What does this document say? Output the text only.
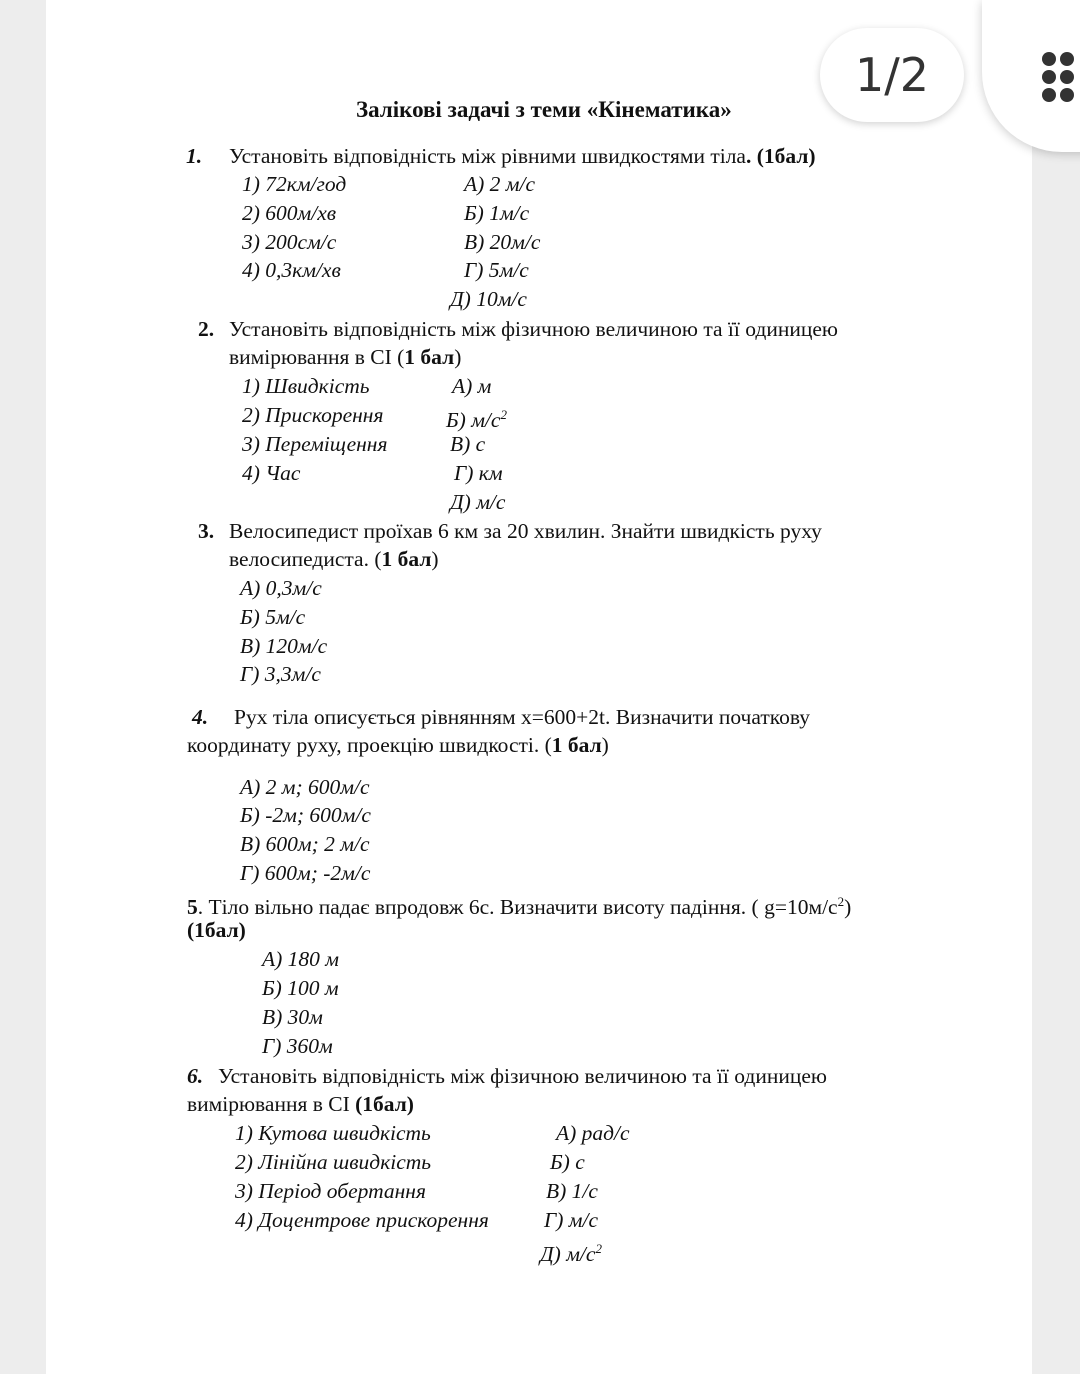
Залікові задачі з теми «Кінематика»
1. Установіть відповідність між рівними швидкостями тіла. (1бал)
1) 72км/год
2) 600м/хв
3) 200см/с
4) 0,3км/хв
А) 2 м/с
Б) 1м/с
В) 20м/с
Г) 5м/с
Д) 10м/с
2. Установіть відповідність між фізичною величиною та її одиницею
вимірювання в СІ (1 бал)
1) Швидкість
2) Прискорення
3) Переміщення
4) Час
А) м
Б) $м/с^2$
В) с
Г) км
Д) м/с
3. Велосипедист проїхав 6 км за 20 хвилин. Знайти швидкість руху
велосипедиста. (1 бал)
А) 0,3м/с
Б) 5м/с
В) 120м/с
Г) 3,3м/с
4. Рух тіла описується рівнянням x=600+2t. Визначити початкову
координату руху, проекцію швидкості. (1 бал)
А) 2 м; 600м/с
Б) -2м; 600м/с
В) 600м; 2 м/с
Г) 600м; -2м/с
5. Тіло вільно падає впродовж 6с. Визначити висоту падіння. ( $g=10м/с^2$)
(1бал)
А) 180 м
Б) 100 м
В) 30м
Г) 360м
6. Установіть відповідність між фізичною величиною та її одиницею
вимірювання в СІ (1бал)
1) Кутова швидкість
2) Лінійна швидкість
3) Період обертання
4) Доцентрове прискорення
А) рад/с
Б) с
В) 1/с
Г) м/с
Д) $м/с^2$
1/2
